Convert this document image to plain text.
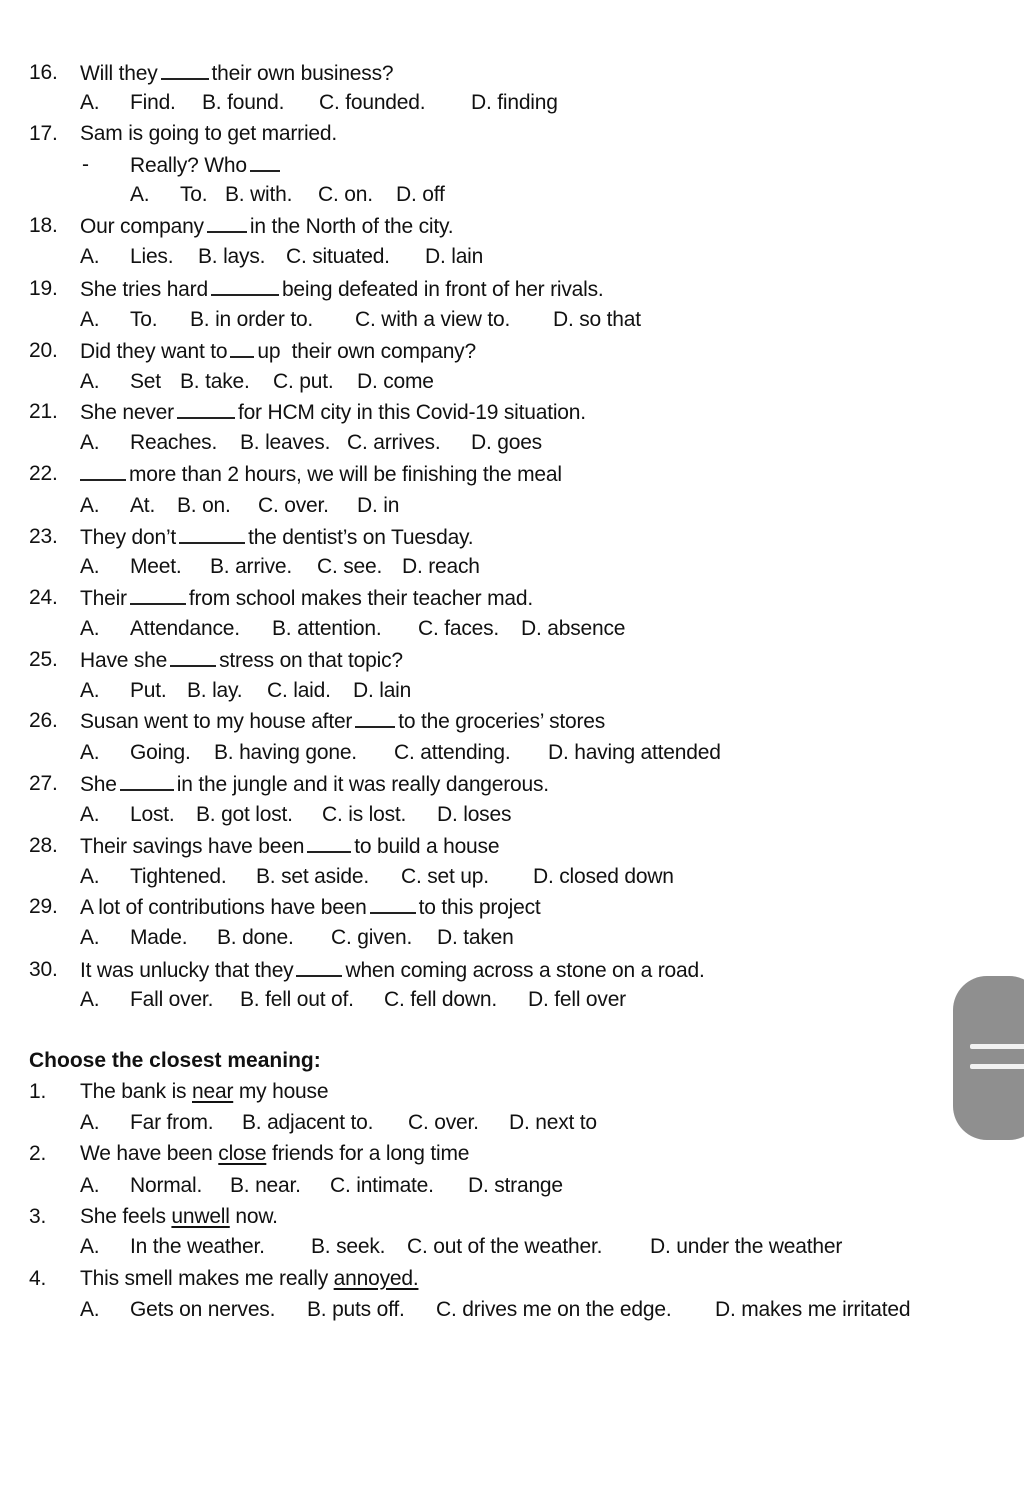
16.

Will they	their own business?

A.

Find.

B. found.

C. founded.

D. finding

17.

Sam is going to get married.

-

Really? Who

A.

To.

B. with.

C. on.

D. off

18.

Our company in the North of the city.

A.

Lies.

B. lays.

C. situated.

D. lain

19.

She tries hard	being defeated in front of her rivals.

A.

To.

B. in order to.

C. with a view to.

D. so that

20.

Did they want to up  their own company?

A.

Set

B. take.

C. put.

D. come

21.

She never	for HCM city in this Covid-19 situation.

A.

Reaches.

B. leaves.

C. arrives.

D. goes

22.

	more than 2 hours, we will be finishing the meal

A.

At.

B. on.

C. over.

D. in

23.

They don’t	the dentist’s on Tuesday.

A.

Meet.

B. arrive.

C. see.

D. reach

24.

Their	from school makes their teacher mad.

A.

Attendance.

B. attention.

C. faces.

D. absence

25.

Have she stress on that topic?

A.

Put.

B. lay.

C. laid.

D. lain

26.

Susan went to my house after to the groceries’ stores

A.

Going.

B. having gone.

C. attending.

D. having attended

27.

She	in the jungle and it was really dangerous.

A.

Lost.

B. got lost.

C. is lost.

D. loses

28.

Their savings have been to build a house

A.

Tightened.

B. set aside.

C. set up.

D. closed down

29.

A lot of contributions have been to this project

A.

Made.

B. done.

C. given.

D. taken

30.

It was unlucky that they when coming across a stone on a road.

A.

Fall over.

B. fell out of.

C. fell down.

D. fell over

Choose the closest meaning:

1.

The bank is near my house

A.

Far from.

B. adjacent to.

C. over.

D. next to

2.

We have been close friends for a long time

A.

Normal.

B. near.

C. intimate.

D. strange

3.

She feels unwell now.

A.

In the weather.

B. seek.

C. out of the weather.

D. under the weather

4.

This smell makes me really annoyed.

A.

Gets on nerves.

B. puts off.

C. drives me on the edge.

D. makes me irritated
